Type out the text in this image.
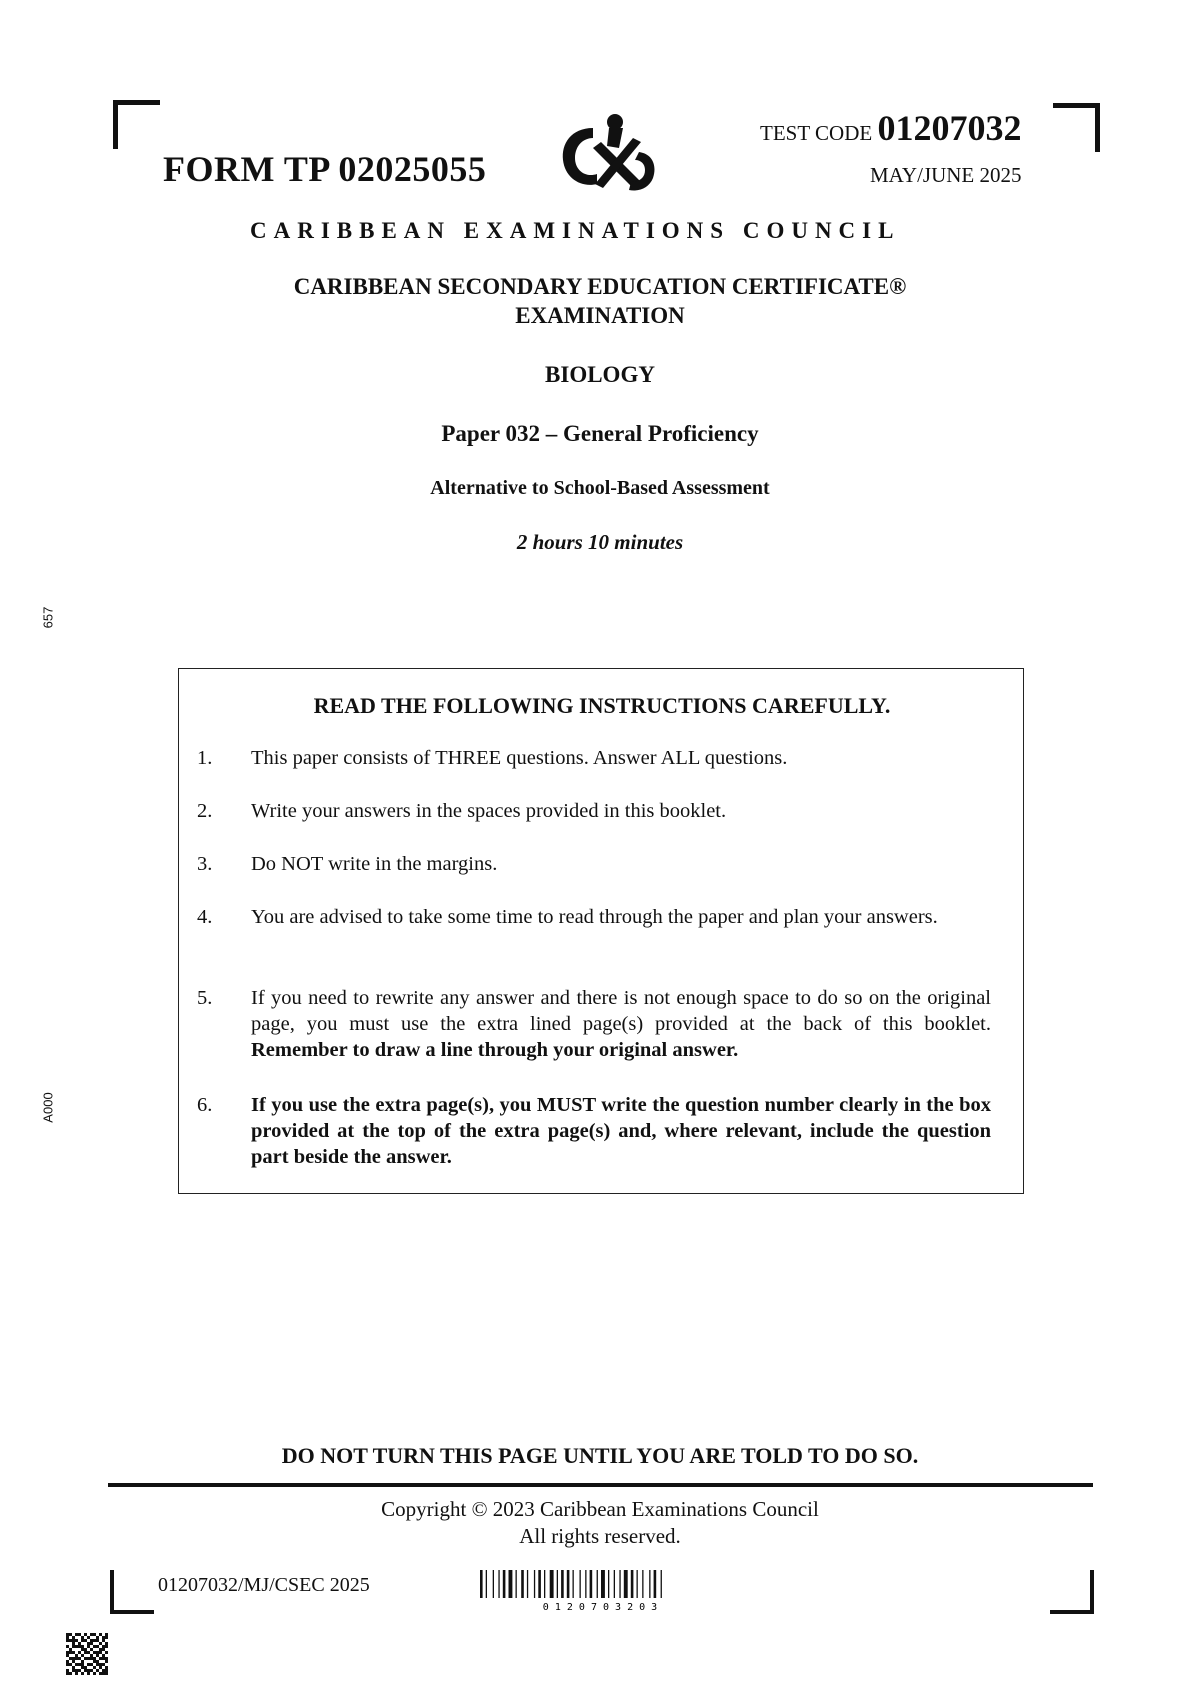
FORM TP 02025055
TEST CODE 01207032
MAY/JUNE 2025
CARIBBEAN EXAMINATIONS COUNCIL
CARIBBEAN SECONDARY EDUCATION CERTIFICATE®
EXAMINATION
BIOLOGY
Paper 032 – General Proficiency
Alternative to School-Based Assessment
2 hours 10 minutes
657
A000
READ THE FOLLOWING INSTRUCTIONS CAREFULLY.
1. This paper consists of THREE questions. Answer ALL questions.
2. Write your answers in the spaces provided in this booklet.
3. Do NOT write in the margins.
4. You are advised to take some time to read through the paper and plan your answers.
5. If you need to rewrite any answer and there is not enough space to do so on the original page, you must use the extra lined page(s) provided at the back of this booklet. Remember to draw a line through your original answer.
6. If you use the extra page(s), you MUST write the question number clearly in the box provided at the top of the extra page(s) and, where relevant, include the question part beside the answer.
DO NOT TURN THIS PAGE UNTIL YOU ARE TOLD TO DO SO.
Copyright © 2023 Caribbean Examinations Council
All rights reserved.
01207032/MJ/CSEC 2025
0 1 2 0 7 0 3 2 0 3
